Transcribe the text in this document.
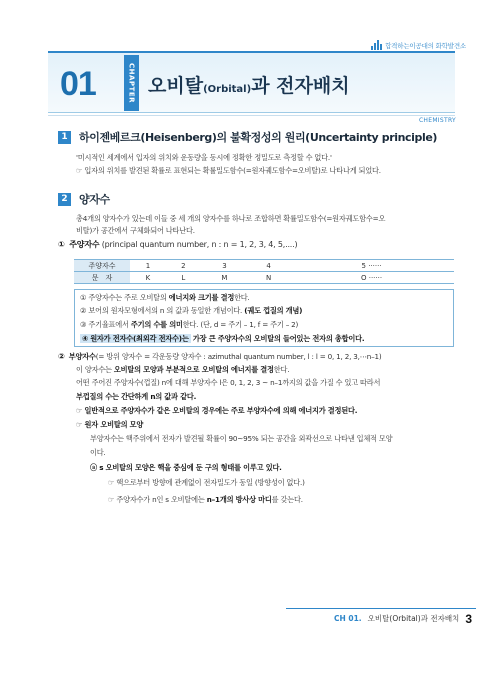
합격하는이공대의 화학발견소
01	CHAPTER 오비탈(Orbital)과 전자배치
CHEMISTRY
1	하이젠베르크(Heisenberg)의 불확정성의 원리(Uncertainty principle)
'미시적인 세계에서 입자의 위치와 운동량을 동시에 정확한 정밀도로 측정할 수 없다.'
☞ 입자의 위치를 발견된 확률로 표현되는 확률밀도함수(=원자궤도함수=오비탈)로 나타나게 되었다.
2	양자수
총4개의 양자수가 있는데 이들 중 세 개의 양자수를 하나로 조합하면 확률밀도함수(=원자궤도함수=오
비탈)가 공간에서 구체화되어 나타난다.
① 주양자수 (principal quantum number, n : n = 1, 2, 3, 4, 5,....)
주양자수	1	2	3	4	5 ······
문　자	K	L	M	N	O ······
① 주양자수는 주로 오비탈의 에너지와 크기를 결정한다.
② 보어의 원자모형에서의 n 의 값과 동일한 개념이다. (궤도 껍질의 개념)
③ 주기율표에서 주기의 수를 의미한다. (단, d = 주기 – 1, f = 주기 – 2)
④ 원자가 전자수(최외각 전자수)는 가장 큰 주양자수의 오비탈의 들어있는 전자의 총합이다.
② 부양자수(= 방위 양자수 = 각운동량 양자수 : azimuthal quantum number, l : l = 0, 1, 2, 3,⋯n–1)
이 양자수는 오비탈의 모양과 부분적으로 오비탈의 에너지를 결정한다.
어떤 주어진 주양자수(껍질) n에 대해 부양자수 l은 0, 1, 2, 3 ~ n–1까지의 값을 가질 수 있고 따라서
부껍질의 수는 간단하게 n의 값과 같다.
☞ 일반적으로 주양자수가 같은 오비탈의 경우에는 주로 부양자수에 의해 에너지가 결정된다.
☞ 원자 오비탈의 모양
부양자수는 핵주위에서 전자가 발견될 확률이 90~95% 되는 공간을 외곽선으로 나타낸 입체적 모양
이다.
ⓐ s 오비탈의 모양은 핵을 중심에 둔 구의 형태를 이루고 있다.
☞ 핵으로부터 방향에 관계없이 전자밀도가 동일 (방향성이 없다.)
☞ 주양자수가 n인 s 오비탈에는 n–1개의 방사상 마디를 갖는다.
CH 01. 오비탈(Orbital)과 전자배치 3
